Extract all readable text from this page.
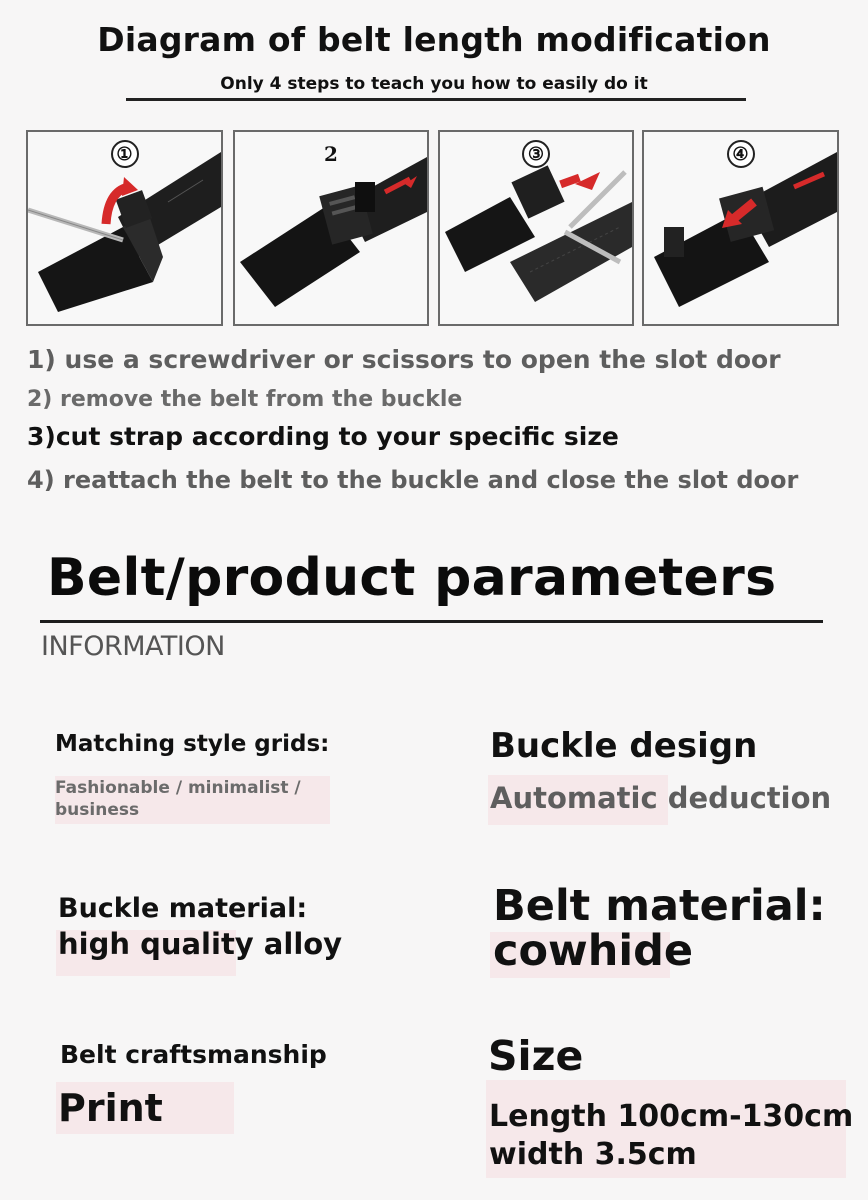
Diagram of belt length modification
Only 4 steps to teach you how to easily do it
①	2	③	④
1) use a screwdriver or scissors to open the slot door
2) remove the belt from the buckle
3)cut strap according to your specific size
4) reattach the belt to the buckle and close the slot door
Belt/product parameters
INFORMATION
Matching style grids:
Fashionable / minimalist /
business
Buckle design
Automatic deduction
Buckle material:
high quality alloy
Belt material:
cowhide
Belt craftsmanship
Print
Size
Length 100cm-130cm
width 3.5cm
